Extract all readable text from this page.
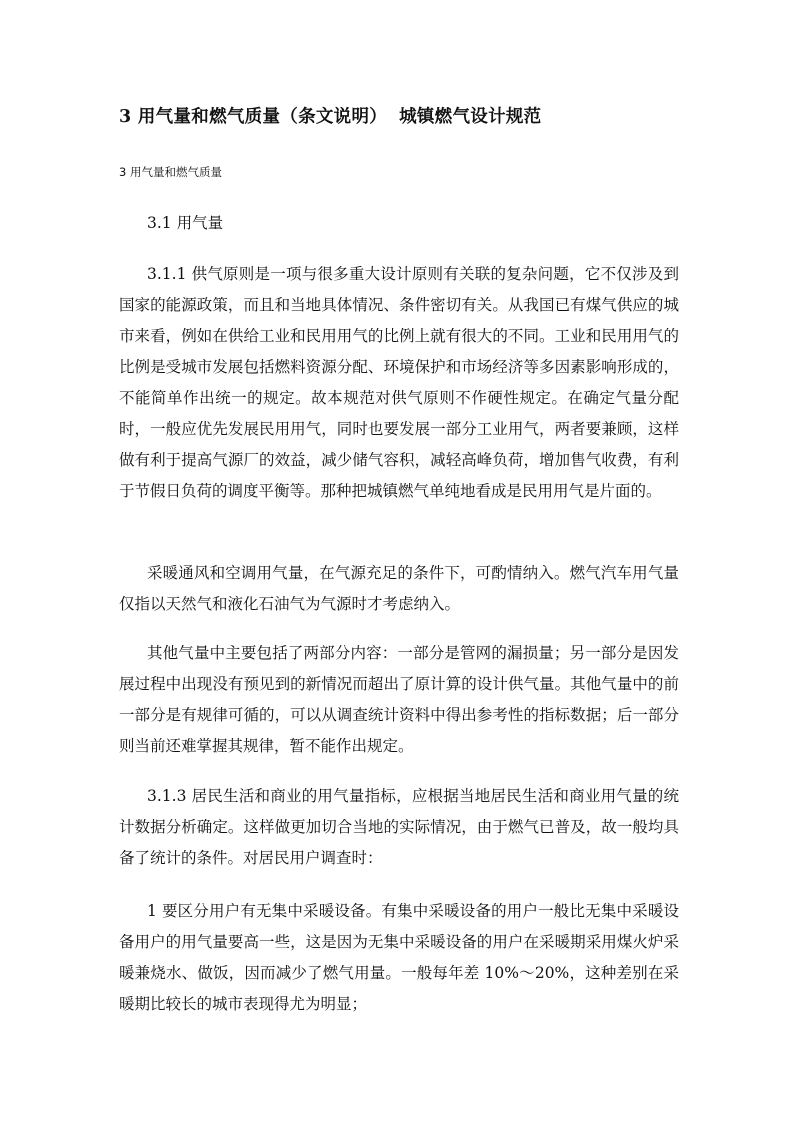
3 用气量和燃气质量（条文说明） 城镇燃气设计规范
3 用气量和燃气质量
3.1 用气量

3.1.1 供气原则是一项与很多重大设计原则有关联的复杂问题，它不仅涉及到国家的能源政策，而且和当地具体情况、条件密切有关。从我国已有煤气供应的城市来看，例如在供给工业和民用用气的比例上就有很大的不同。工业和民用用气的比例是受城市发展包括燃料资源分配、环境保护和市场经济等多因素影响形成的，不能简单作出统一的规定。故本规范对供气原则不作硬性规定。在确定气量分配时，一般应优先发展民用用气，同时也要发展一部分工业用气，两者要兼顾，这样做有利于提高气源厂的效益，减少储气容积，减轻高峰负荷，增加售气收费，有利于节假日负荷的调度平衡等。那种把城镇燃气单纯地看成是民用用气是片面的。

采暖通风和空调用气量，在气源充足的条件下，可酌情纳入。燃气汽车用气量仅指以天然气和液化石油气为气源时才考虑纳入。

其他气量中主要包括了两部分内容：一部分是管网的漏损量；另一部分是因发展过程中出现没有预见到的新情况而超出了原计算的设计供气量。其他气量中的前一部分是有规律可循的，可以从调查统计资料中得出参考性的指标数据；后一部分则当前还难掌握其规律，暂不能作出规定。

3.1.3 居民生活和商业的用气量指标，应根据当地居民生活和商业用气量的统计数据分析确定。这样做更加切合当地的实际情况，由于燃气已普及，故一般均具备了统计的条件。对居民用户调查时：

1 要区分用户有无集中采暖设备。有集中采暖设备的用户一般比无集中采暖设备用户的用气量要高一些，这是因为无集中采暖设备的用户在采暖期采用煤火炉采暖兼烧水、做饭，因而减少了燃气用量。一般每年差 10%～20%，这种差别在采暖期比较长的城市表现得尤为明显；
